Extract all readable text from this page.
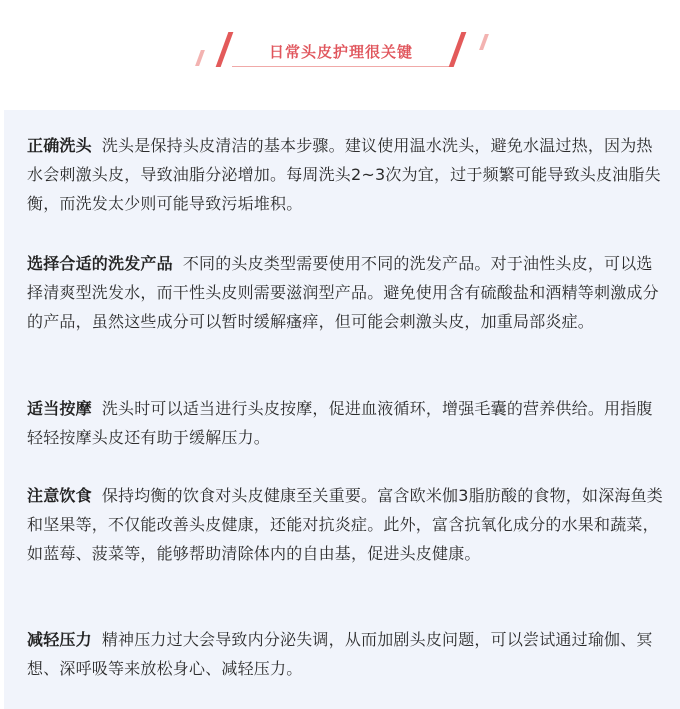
日常头皮护理很关键

正确洗头 洗头是保持头皮清洁的基本步骤。建议使用温水洗头，避免水温过热，因为热水会刺激头皮，导致油脂分泌增加。每周洗头2~3次为宜，过于频繁可能导致头皮油脂失衡，而洗发太少则可能导致污垢堆积。

选择合适的洗发产品 不同的头皮类型需要使用不同的洗发产品。对于油性头皮，可以选择清爽型洗发水，而干性头皮则需要滋润型产品。避免使用含有硫酸盐和酒精等刺激成分的产品，虽然这些成分可以暂时缓解瘙痒，但可能会刺激头皮，加重局部炎症。

适当按摩 洗头时可以适当进行头皮按摩，促进血液循环，增强毛囊的营养供给。用指腹轻轻按摩头皮还有助于缓解压力。

注意饮食 保持均衡的饮食对头皮健康至关重要。富含欧米伽3脂肪酸的食物，如深海鱼类和坚果等，不仅能改善头皮健康，还能对抗炎症。此外，富含抗氧化成分的水果和蔬菜，如蓝莓、菠菜等，能够帮助清除体内的自由基，促进头皮健康。

减轻压力 精神压力过大会导致内分泌失调，从而加剧头皮问题，可以尝试通过瑜伽、冥想、深呼吸等来放松身心、减轻压力。
